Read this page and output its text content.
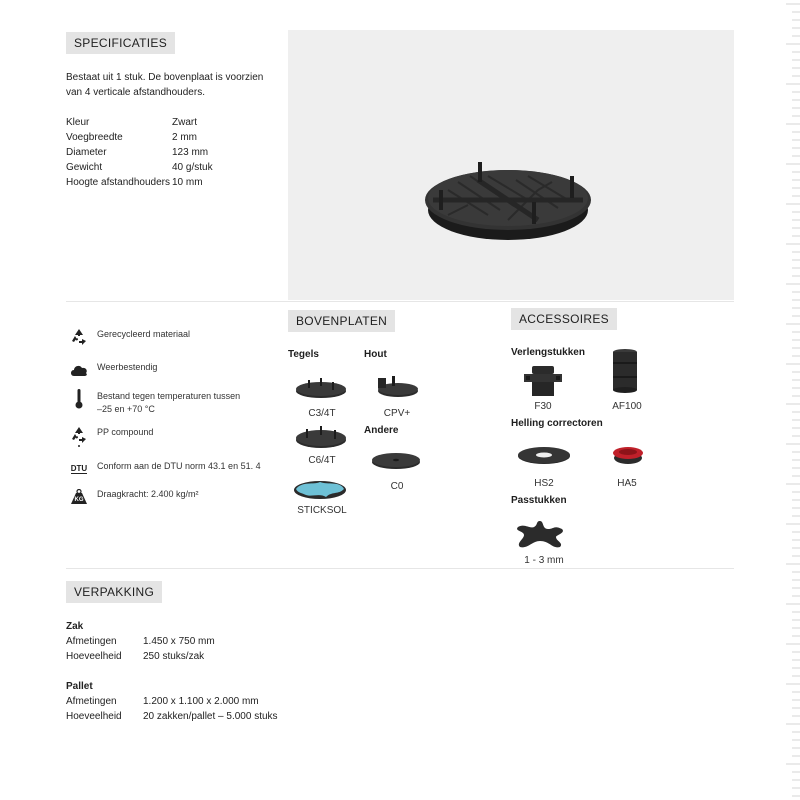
SPECIFICATIES
Bestaat uit 1 stuk. De bovenplaat is voorzien van 4 verticale afstandhouders.
Kleur	Zwart
Voegbreedte	2 mm
Diameter	123 mm
Gewicht	40 g/stuk
Hoogte afstandhouders 10 mm
Gerecycleerd materiaal
Weerbestendig
Bestand tegen temperaturen tussen –25 en +70 °C
PP compound
DTU Conform aan de DTU norm 43.1 en 51. 4
KG
Draagkracht: 2.400 kg/m²
BOVENPLATEN
Tegels	Hout
C3/4T
C6/4T
STICKSOL
CPV+
Andere
C0
ACCESSOIRES
Verlengstukken
F30	AF100
Helling correctoren
HS2	HA5
Passtukken
1 - 3 mm
VERPAKKING
Zak
Afmetingen	1.450 x 750 mm
Hoeveelheid	250 stuks/zak
Pallet
Afmetingen	1.200 x 1.100 x 2.000 mm
Hoeveelheid	20 zakken/pallet – 5.000 stuks
